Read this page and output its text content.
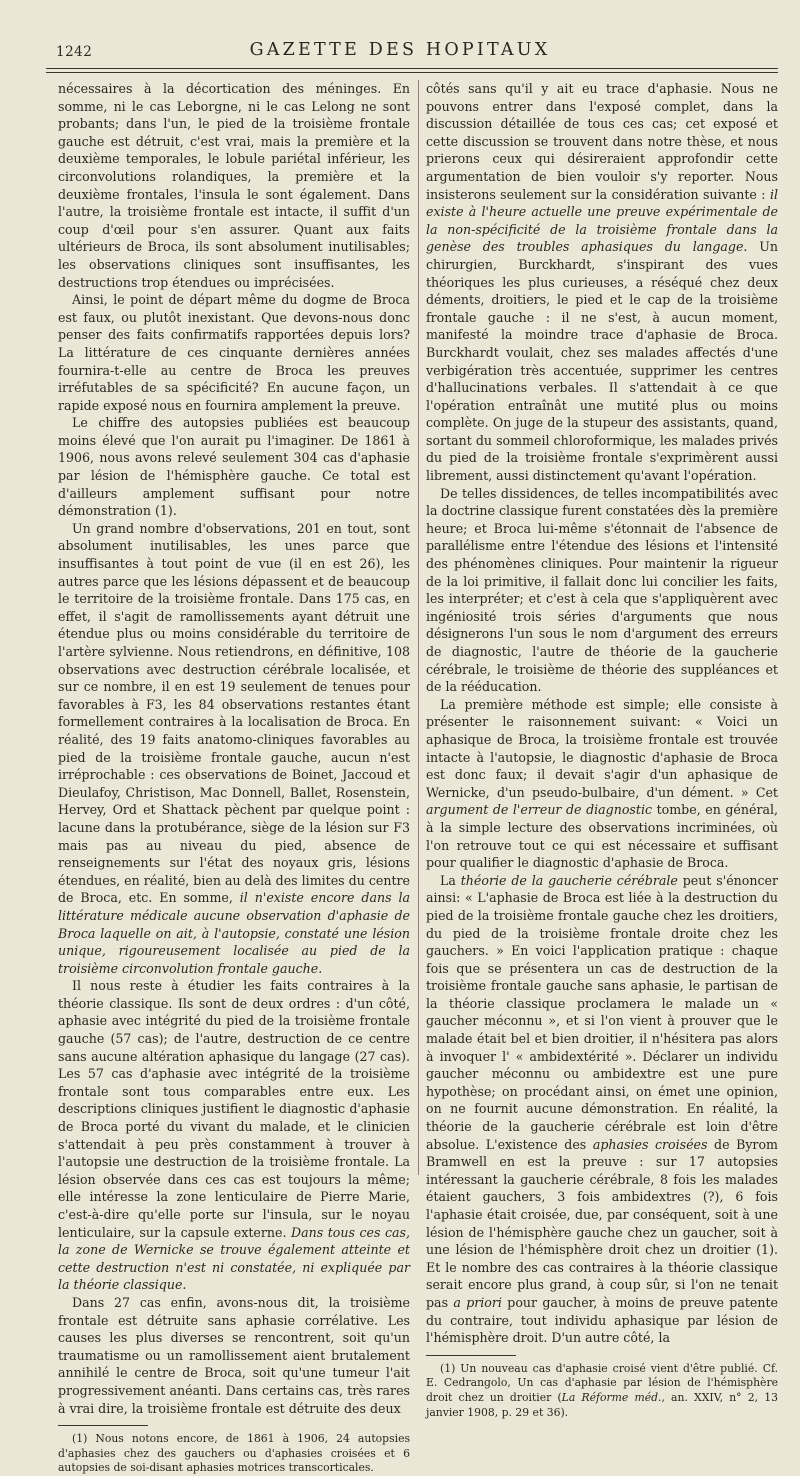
1242	GAZETTE DES HOPITAUX

nécessaires à la décortication des méninges. En somme, ni le cas Leborgne, ni le cas Lelong ne sont probants; dans l'un, le pied de la troisième frontale gauche est détruit, c'est vrai, mais la première et la deuxième temporales, le lobule pariétal inférieur, les circonvolutions rolandiques, la première et la deuxième frontales, l'insula le sont également. Dans l'autre, la troisième frontale est intacte, il suffit d'un coup d'œil pour s'en assurer. Quant aux faits ultérieurs de Broca, ils sont absolument inutilisables; les observations cliniques sont insuffisantes, les destructions trop étendues ou imprécisées.

Ainsi, le point de départ même du dogme de Broca est faux, ou plutôt inexistant. Que devons-nous donc penser des faits confirmatifs rapportées depuis lors? La littérature de ces cinquante dernières années fournira-t-elle au centre de Broca les preuves irréfutables de sa spécificité? En aucune façon, un rapide exposé nous en fournira amplement la preuve.

Le chiffre des autopsies publiées est beaucoup moins élevé que l'on aurait pu l'imaginer. De 1861 à 1906, nous avons relevé seulement 304 cas d'aphasie par lésion de l'hémisphère gauche. Ce total est d'ailleurs amplement suffisant pour notre démonstration (1).

Un grand nombre d'observations, 201 en tout, sont absolument inutilisables, les unes parce que insuffisantes à tout point de vue (il en est 26), les autres parce que les lésions dépassent et de beaucoup le territoire de la troisième frontale. Dans 175 cas, en effet, il s'agit de ramollissements ayant détruit une étendue plus ou moins considérable du territoire de l'artère sylvienne. Nous retiendrons, en définitive, 108 observations avec destruction cérébrale localisée, et sur ce nombre, il en est 19 seulement de tenues pour favorables à F3, les 84 observations restantes étant formellement contraires à la localisation de Broca. En réalité, des 19 faits anatomo-cliniques favorables au pied de la troisième frontale gauche, aucun n'est irréprochable : ces observations de Boinet, Jaccoud et Dieulafoy, Christison, Mac Donnell, Ballet, Rosenstein, Hervey, Ord et Shattack pèchent par quelque point : lacune dans la protubérance, siège de la lésion sur F3 mais pas au niveau du pied, absence de renseignements sur l'état des noyaux gris, lésions étendues, en réalité, bien au delà des limites du centre de Broca, etc. En somme, il n'existe encore dans la littérature médicale aucune observation d'aphasie de Broca laquelle on ait, à l'autopsie, constaté une lésion unique, rigoureusement localisée au pied de la troisième circonvolution frontale gauche.

Il nous reste à étudier les faits contraires à la théorie classique. Ils sont de deux ordres : d'un côté, aphasie avec intégrité du pied de la troisième frontale gauche (57 cas); de l'autre, destruction de ce centre sans aucune altération aphasique du langage (27 cas). Les 57 cas d'aphasie avec intégrité de la troisième frontale sont tous comparables entre eux. Les descriptions cliniques justifient le diagnostic d'aphasie de Broca porté du vivant du malade, et le clinicien s'attendait à peu près constamment à trouver à l'autopsie une destruction de la troisième frontale. La lésion observée dans ces cas est toujours la même; elle intéresse la zone lenticulaire de Pierre Marie, c'est-à-dire qu'elle porte sur l'insula, sur le noyau lenticulaire, sur la capsule externe. Dans tous ces cas, la zone de Wernicke se trouve également atteinte et cette destruction n'est ni constatée, ni expliquée par la théorie classique.

Dans 27 cas enfin, avons-nous dit, la troisième frontale est détruite sans aphasie corrélative. Les causes les plus diverses se rencontrent, soit qu'un traumatisme ou un ramollissement aient brutalement annihilé le centre de Broca, soit qu'une tumeur l'ait progressivement anéanti. Dans certains cas, très rares à vrai dire, la troisième frontale est détruite des deux

(1) Nous notons encore, de 1861 à 1906, 24 autopsies d'aphasies chez des gauchers ou d'aphasies croisées et 6 autopsies de soi-disant aphasies motrices transcorticales.

côtés sans qu'il y ait eu trace d'aphasie. Nous ne pouvons entrer dans l'exposé complet, dans la discussion détaillée de tous ces cas; cet exposé et cette discussion se trouvent dans notre thèse, et nous prierons ceux qui désireraient approfondir cette argumentation de bien vouloir s'y reporter. Nous insisterons seulement sur la considération suivante : il existe à l'heure actuelle une preuve expérimentale de la non-spécificité de la troisième frontale dans la genèse des troubles aphasiques du langage. Un chirurgien, Burckhardt, s'inspirant des vues théoriques les plus curieuses, a réséqué chez deux déments, droitiers, le pied et le cap de la troisième frontale gauche : il ne s'est, à aucun moment, manifesté la moindre trace d'aphasie de Broca. Burckhardt voulait, chez ses malades affectés d'une verbigération très accentuée, supprimer les centres d'hallucinations verbales. Il s'attendait à ce que l'opération entraînât une mutité plus ou moins complète. On juge de la stupeur des assistants, quand, sortant du sommeil chloroformique, les malades privés du pied de la troisième frontale s'exprimèrent aussi librement, aussi distinctement qu'avant l'opération.

De telles dissidences, de telles incompatibilités avec la doctrine classique furent constatées dès la première heure; et Broca lui-même s'étonnait de l'absence de parallélisme entre l'étendue des lésions et l'intensité des phénomènes cliniques. Pour maintenir la rigueur de la loi primitive, il fallait donc lui concilier les faits, les interpréter; et c'est à cela que s'appliquèrent avec ingéniosité trois séries d'arguments que nous désignerons l'un sous le nom d'argument des erreurs de diagnostic, l'autre de théorie de la gaucherie cérébrale, le troisième de théorie des suppléances et de la rééducation.

La première méthode est simple; elle consiste à présenter le raisonnement suivant: « Voici un aphasique de Broca, la troisième frontale est trouvée intacte à l'autopsie, le diagnostic d'aphasie de Broca est donc faux; il devait s'agir d'un aphasique de Wernicke, d'un pseudo-bulbaire, d'un dément. » Cet argument de l'erreur de diagnostic tombe, en général, à la simple lecture des observations incriminées, où l'on retrouve tout ce qui est nécessaire et suffisant pour qualifier le diagnostic d'aphasie de Broca.

La théorie de la gaucherie cérébrale peut s'énoncer ainsi: « L'aphasie de Broca est liée à la destruction du pied de la troisième frontale gauche chez les droitiers, du pied de la troisième frontale droite chez les gauchers. » En voici l'application pratique : chaque fois que se présentera un cas de destruction de la troisième frontale gauche sans aphasie, le partisan de la théorie classique proclamera le malade un « gaucher méconnu », et si l'on vient à prouver que le malade était bel et bien droitier, il n'hésitera pas alors à invoquer l' « ambidextérité ». Déclarer un individu gaucher méconnu ou ambidextre est une pure hypothèse; on procédant ainsi, on émet une opinion, on ne fournit aucune démonstration. En réalité, la théorie de la gaucherie cérébrale est loin d'être absolue. L'existence des aphasies croisées de Byrom Bramwell en est la preuve : sur 17 autopsies intéressant la gaucherie cérébrale, 8 fois les malades étaient gauchers, 3 fois ambidextres (?), 6 fois l'aphasie était croisée, due, par conséquent, soit à une lésion de l'hémisphère gauche chez un gaucher, soit à une lésion de l'hémisphère droit chez un droitier (1). Et le nombre des cas contraires à la théorie classique serait encore plus grand, à coup sûr, si l'on ne tenait pas a priori pour gaucher, à moins de preuve patente du contraire, tout individu aphasique par lésion de l'hémisphère droit. D'un autre côté, la

(1) Un nouveau cas d'aphasie croisé vient d'être publié. Cf. E. Cedrangolo, Un cas d'aphasie par lésion de l'hémisphère droit chez un droitier (La Réforme méd., an. XXIV, n° 2, 13 janvier 1908, p. 29 et 36).
